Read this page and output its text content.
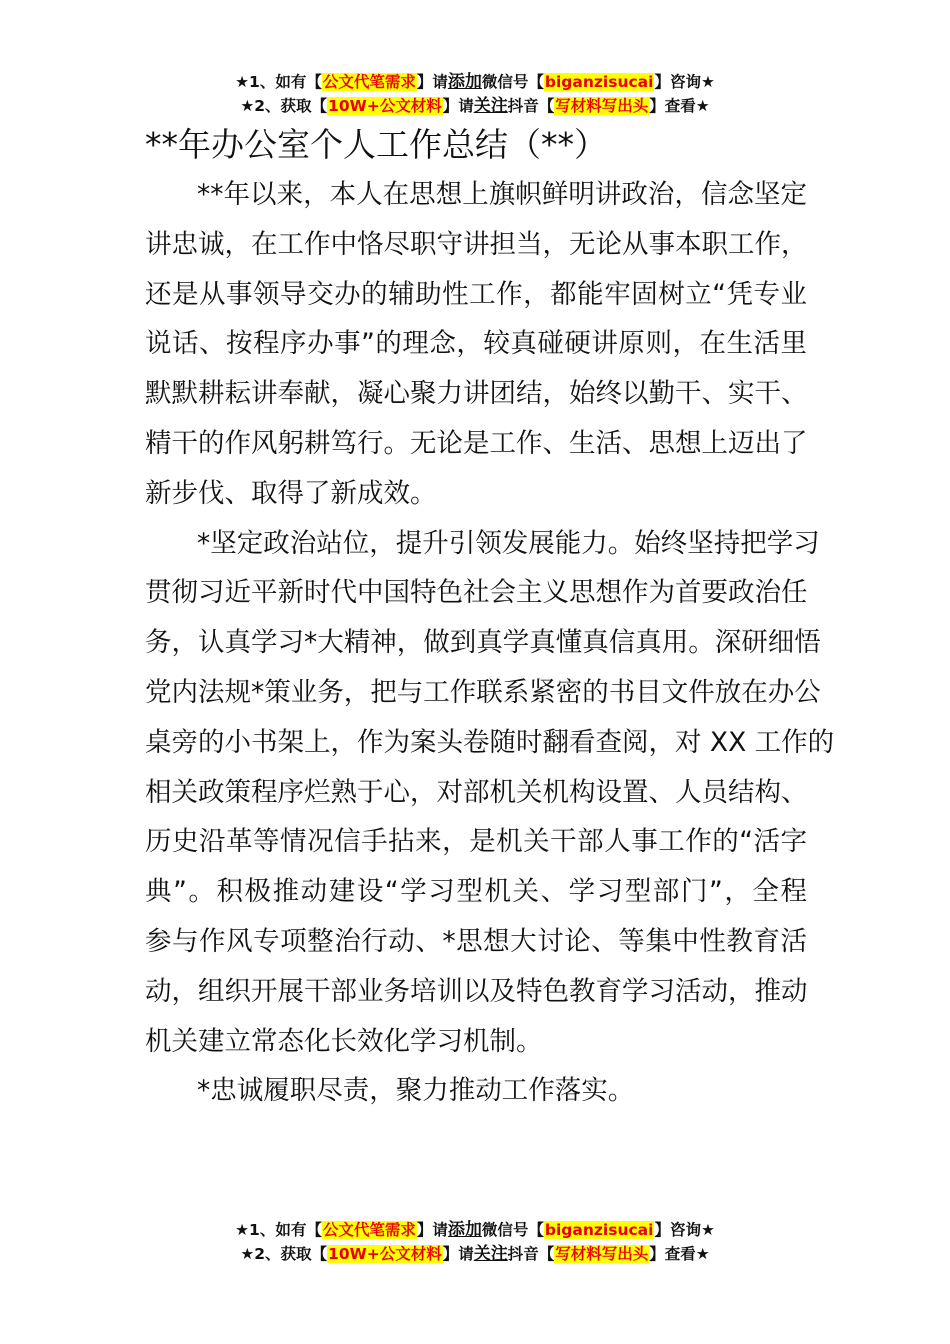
★1、如有【公文代笔需求】请添加微信号【biganzisucai】咨询★
★2、获取【10W+公文材料】请关注抖音【写材料写出头】查看★
**年办公室个人工作总结（**）
**年以来，本人在思想上旗帜鲜明讲政治，信念坚定
讲忠诚，在工作中恪尽职守讲担当，无论从事本职工作，
还是从事领导交办的辅助性工作，都能牢固树立“凭专业
说话、按程序办事”的理念，较真碰硬讲原则，在生活里
默默耕耘讲奉献，凝心聚力讲团结，始终以勤干、实干、
精干的作风躬耕笃行。无论是工作、生活、思想上迈出了
新步伐、取得了新成效。
*坚定政治站位，提升引领发展能力。始终坚持把学习
贯彻习近平新时代中国特色社会主义思想作为首要政治任
务，认真学习*大精神，做到真学真懂真信真用。深研细悟
党内法规*策业务，把与工作联系紧密的书目文件放在办公
桌旁的小书架上，作为案头卷随时翻看查阅，对 XX 工作的
相关政策程序烂熟于心，对部机关机构设置、人员结构、
历史沿革等情况信手拈来，是机关干部人事工作的“活字
典”。积极推动建设“学习型机关、学习型部门”，全程
参与作风专项整治行动、*思想大讨论、等集中性教育活
动，组织开展干部业务培训以及特色教育学习活动，推动
机关建立常态化长效化学习机制。
*忠诚履职尽责，聚力推动工作落实。
★1、如有【公文代笔需求】请添加微信号【biganzisucai】咨询★
★2、获取【10W+公文材料】请关注抖音【写材料写出头】查看★
